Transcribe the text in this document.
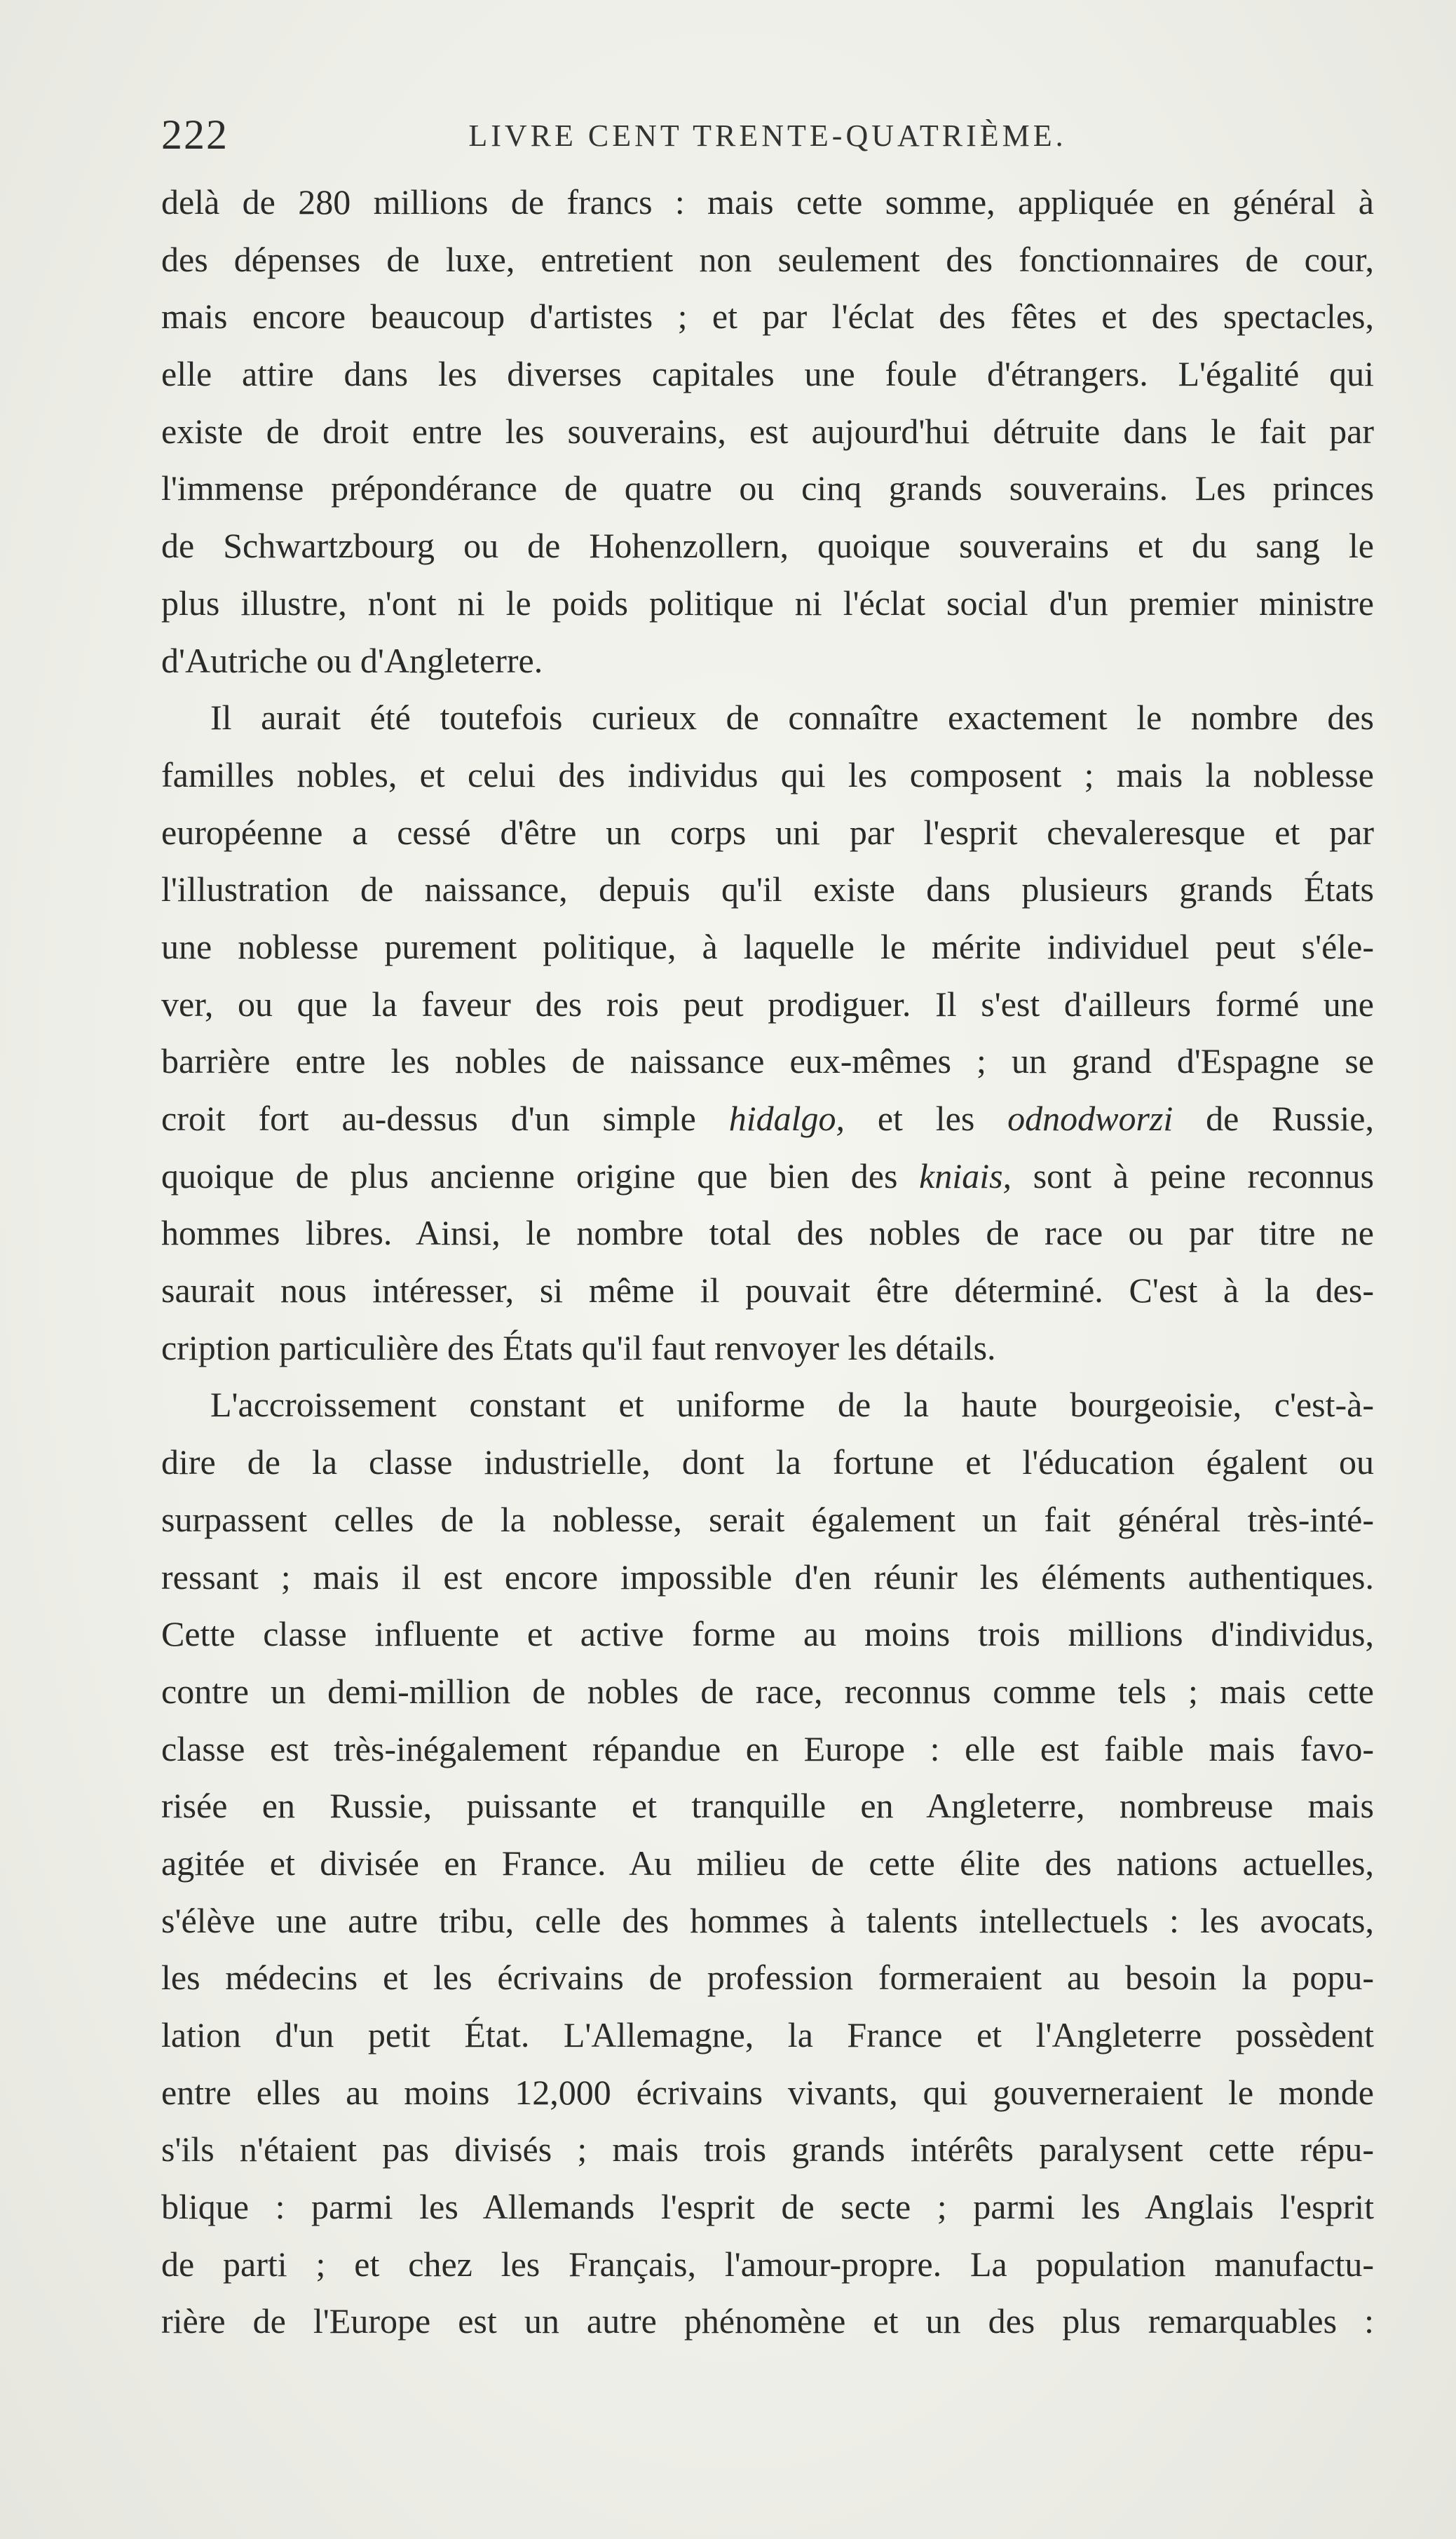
222	LIVRE CENT TRENTE-QUATRIÈME.
delà de 280 millions de francs : mais cette somme, appliquée en général à
des dépenses de luxe, entretient non seulement des fonctionnaires de cour,
mais encore beaucoup d'artistes ; et par l'éclat des fêtes et des spectacles,
elle attire dans les diverses capitales une foule d'étrangers. L'égalité qui
existe de droit entre les souverains, est aujourd'hui détruite dans le fait par
l'immense prépondérance de quatre ou cinq grands souverains. Les princes
de Schwartzbourg ou de Hohenzollern, quoique souverains et du sang le
plus illustre, n'ont ni le poids politique ni l'éclat social d'un premier ministre
d'Autriche ou d'Angleterre.
Il aurait été toutefois curieux de connaître exactement le nombre des
familles nobles, et celui des individus qui les composent ; mais la noblesse
européenne a cessé d'être un corps uni par l'esprit chevaleresque et par
l'illustration de naissance, depuis qu'il existe dans plusieurs grands États
une noblesse purement politique, à laquelle le mérite individuel peut s'éle-
ver, ou que la faveur des rois peut prodiguer. Il s'est d'ailleurs formé une
barrière entre les nobles de naissance eux-mêmes ; un grand d'Espagne se
croit fort au-dessus d'un simple hidalgo, et les odnodworzi de Russie,
quoique de plus ancienne origine que bien des kniais, sont à peine reconnus
hommes libres. Ainsi, le nombre total des nobles de race ou par titre ne
saurait nous intéresser, si même il pouvait être déterminé. C'est à la des-
cription particulière des États qu'il faut renvoyer les détails.
L'accroissement constant et uniforme de la haute bourgeoisie, c'est-à-
dire de la classe industrielle, dont la fortune et l'éducation égalent ou
surpassent celles de la noblesse, serait également un fait général très-inté-
ressant ; mais il est encore impossible d'en réunir les éléments authentiques.
Cette classe influente et active forme au moins trois millions d'individus,
contre un demi-million de nobles de race, reconnus comme tels ; mais cette
classe est très-inégalement répandue en Europe : elle est faible mais favo-
risée en Russie, puissante et tranquille en Angleterre, nombreuse mais
agitée et divisée en France. Au milieu de cette élite des nations actuelles,
s'élève une autre tribu, celle des hommes à talents intellectuels : les avocats,
les médecins et les écrivains de profession formeraient au besoin la popu-
lation d'un petit État. L'Allemagne, la France et l'Angleterre possèdent
entre elles au moins 12,000 écrivains vivants, qui gouverneraient le monde
s'ils n'étaient pas divisés ; mais trois grands intérêts paralysent cette répu-
blique : parmi les Allemands l'esprit de secte ; parmi les Anglais l'esprit
de parti ; et chez les Français, l'amour-propre. La population manufactu-
rière de l'Europe est un autre phénomène et un des plus remarquables :
